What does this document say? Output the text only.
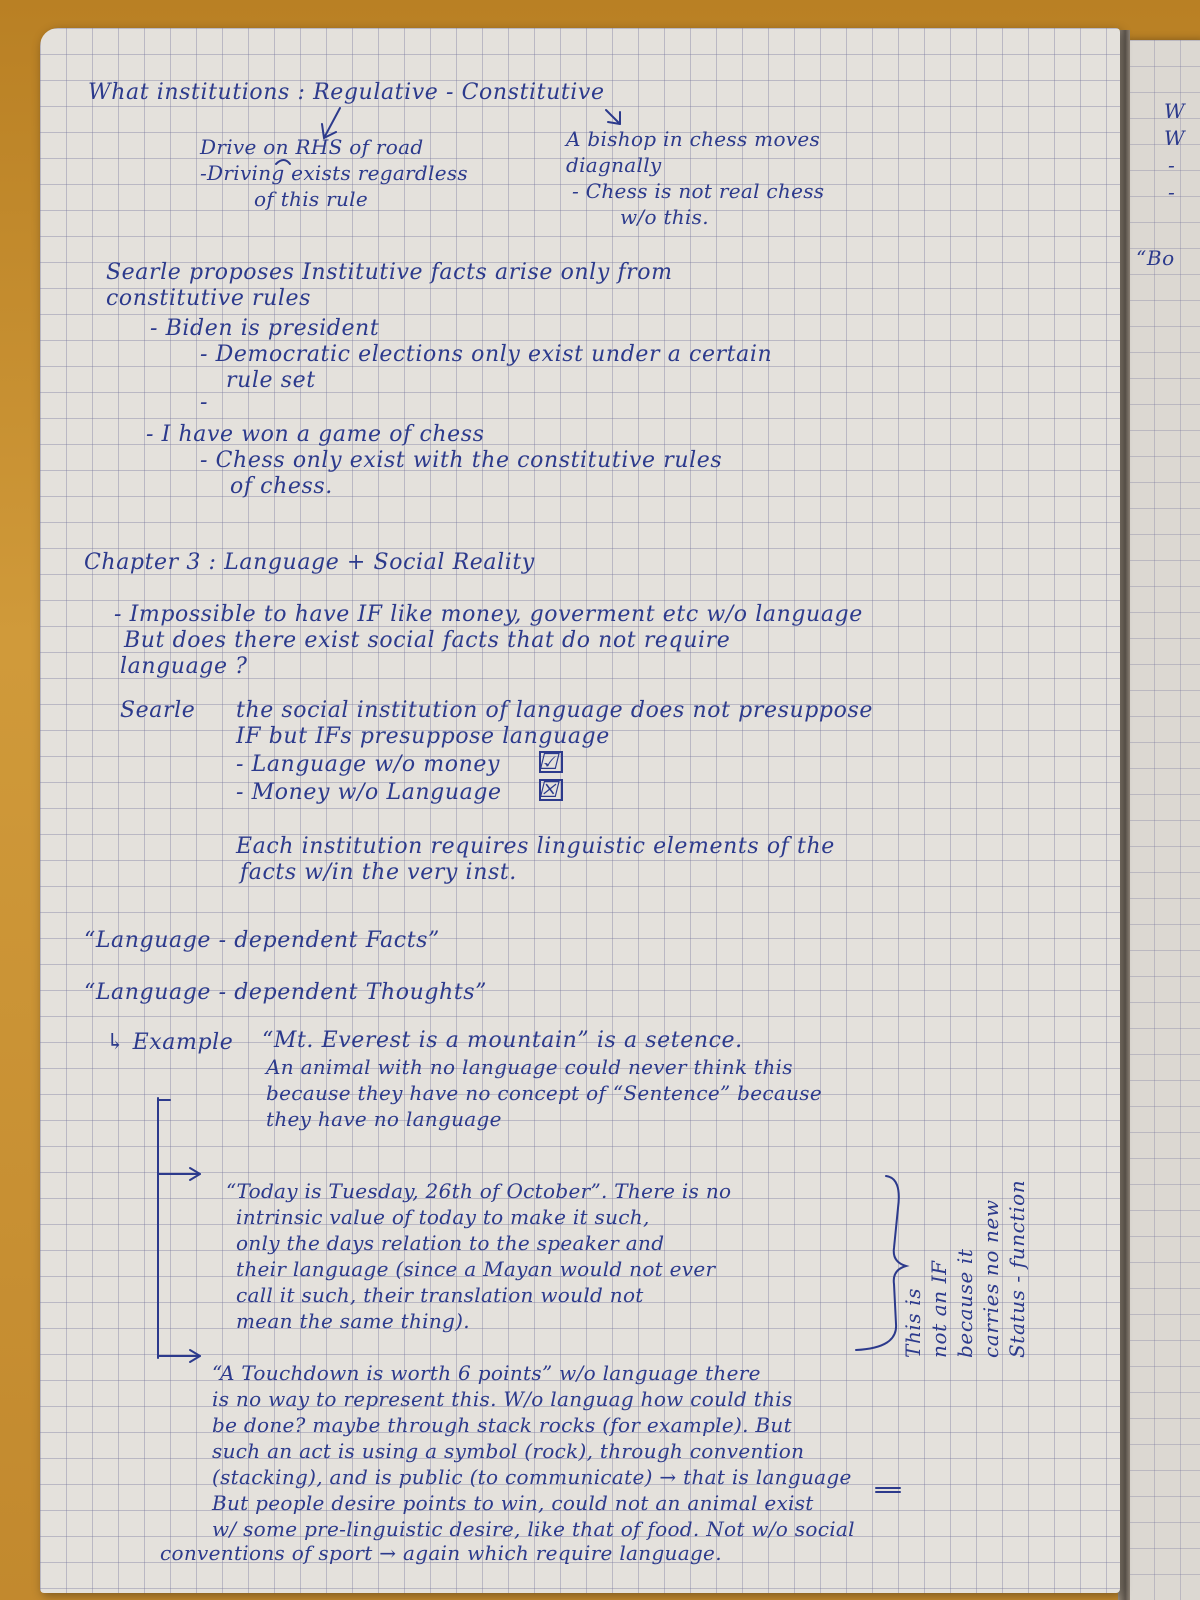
W
W
-
-
“Bo
What institutions : Regulative - Constitutive
Drive on RHS of road
-Driving exists regardless
of this rule
A bishop in chess moves
diagnally
- Chess is not real chess
w/o this.
Searle proposes Institutive facts arise only from
constitutive rules
- Biden is president
- Democratic elections only exist under a certain
rule set
-
- I have won a game of chess
- Chess only exist with the constitutive rules
of chess.
Chapter 3 : Language + Social Reality
- Impossible to have IF like money, goverment etc w/o language
But does there exist social facts that do not require
language ?
Searle the social institution of language does not presuppose
IF but IFs presuppose language
- Language w/o money ☑
- Money w/o Language ☒
Each institution requires linguistic elements of the
facts w/in the very inst.
“Language - dependent Facts”
“Language - dependent Thoughts”
↳ Example “Mt. Everest is a mountain” is a setence.
An animal with no language could never think this
because they have no concept of “Sentence” because
they have no language
“Today is Tuesday, 26th of October”. There is no
intrinsic value of today to make it such,
only the days relation to the speaker and
their language (since a Mayan would not ever
call it such, their translation would not
mean the same thing).	This is not an IF because it carries no new Status - function
“A Touchdown is worth 6 points” w/o language there
is no way to represent this. W/o languag how could this
be done? maybe through stack rocks (for example). But
such an act is using a symbol (rock), through convention
(stacking), and is public (to communicate) → that is language
But people desire points to win, could not an animal exist
w/ some pre-linguistic desire, like that of food. Not w/o social
conventions of sport → again which require language.
